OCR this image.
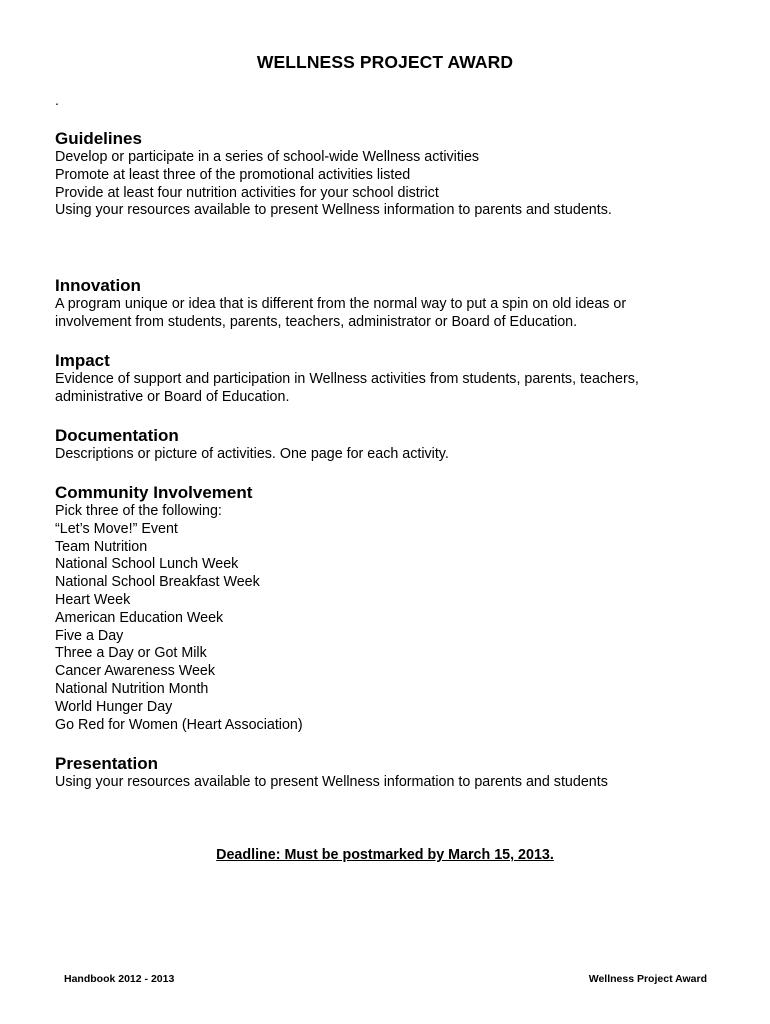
WELLNESS PROJECT AWARD
.

Guidelines

Develop or participate in a series of school-wide Wellness activities

Promote at least three of the promotional activities listed

Provide at least four nutrition activities for your school district

Using your resources available to present Wellness information to parents and students.

Innovation

A program unique or idea that is different from the normal way to put a spin on old ideas or

involvement from students, parents, teachers, administrator or Board of Education.

Impact

Evidence of support and participation in Wellness activities from students, parents, teachers,

administrative or Board of Education.

Documentation

Descriptions or picture of activities. One page for each activity.

Community Involvement

Pick three of the following:

“Let’s Move!” Event

Team Nutrition

National School Lunch Week

National School Breakfast Week

Heart Week

American Education Week

Five a Day

Three a Day or Got Milk

Cancer Awareness Week

National Nutrition Month

World Hunger Day

Go Red for Women (Heart Association)

Presentation

Using your resources available to present Wellness information to parents and students

Deadline: Must be postmarked by March 15, 2013.
Handbook 2012 - 2013	Wellness Project Award
